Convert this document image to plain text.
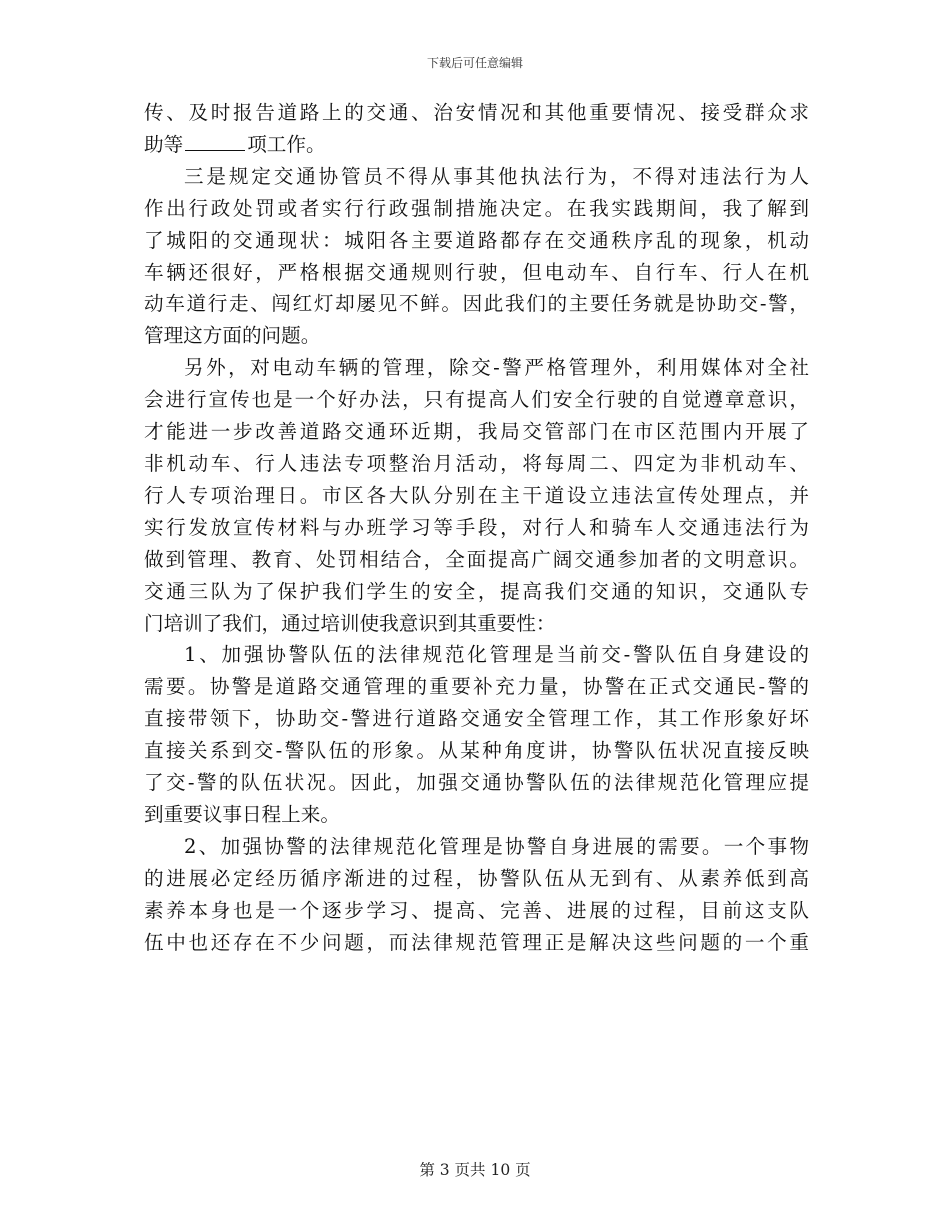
下载后可任意编辑
传、及时报告道路上的交通、治安情况和其他重要情况、接受群众求
助等	项工作。
三是规定交通协管员不得从事其他执法行为，不得对违法行为人
作出行政处罚或者实行行政强制措施决定。在我实践期间，我了解到
了城阳的交通现状：城阳各主要道路都存在交通秩序乱的现象，机动
车辆还很好，严格根据交通规则行驶，但电动车、自行车、行人在机
动车道行走、闯红灯却屡见不鲜。因此我们的主要任务就是协助交-警，
管理这方面的问题。
另外，对电动车辆的管理，除交-警严格管理外，利用媒体对全社
会进行宣传也是一个好办法，只有提高人们安全行驶的自觉遵章意识，
才能进一步改善道路交通环近期，我局交管部门在市区范围内开展了
非机动车、行人违法专项整治月活动，将每周二、四定为非机动车、
行人专项治理日。市区各大队分别在主干道设立违法宣传处理点，并
实行发放宣传材料与办班学习等手段，对行人和骑车人交通违法行为
做到管理、教育、处罚相结合，全面提高广阔交通参加者的文明意识。
交通三队为了保护我们学生的安全，提高我们交通的知识，交通队专
门培训了我们，通过培训使我意识到其重要性：
1、加强协警队伍的法律规范化管理是当前交-警队伍自身建设的
需要。协警是道路交通管理的重要补充力量，协警在正式交通民-警的
直接带领下，协助交-警进行道路交通安全管理工作，其工作形象好坏
直接关系到交-警队伍的形象。从某种角度讲，协警队伍状况直接反映
了交-警的队伍状况。因此，加强交通协警队伍的法律规范化管理应提
到重要议事日程上来。
2、加强协警的法律规范化管理是协警自身进展的需要。一个事物
的进展必定经历循序渐进的过程，协警队伍从无到有、从素养低到高
素养本身也是一个逐步学习、提高、完善、进展的过程，目前这支队
伍中也还存在不少问题，而法律规范管理正是解决这些问题的一个重
第 3 页共 10 页
